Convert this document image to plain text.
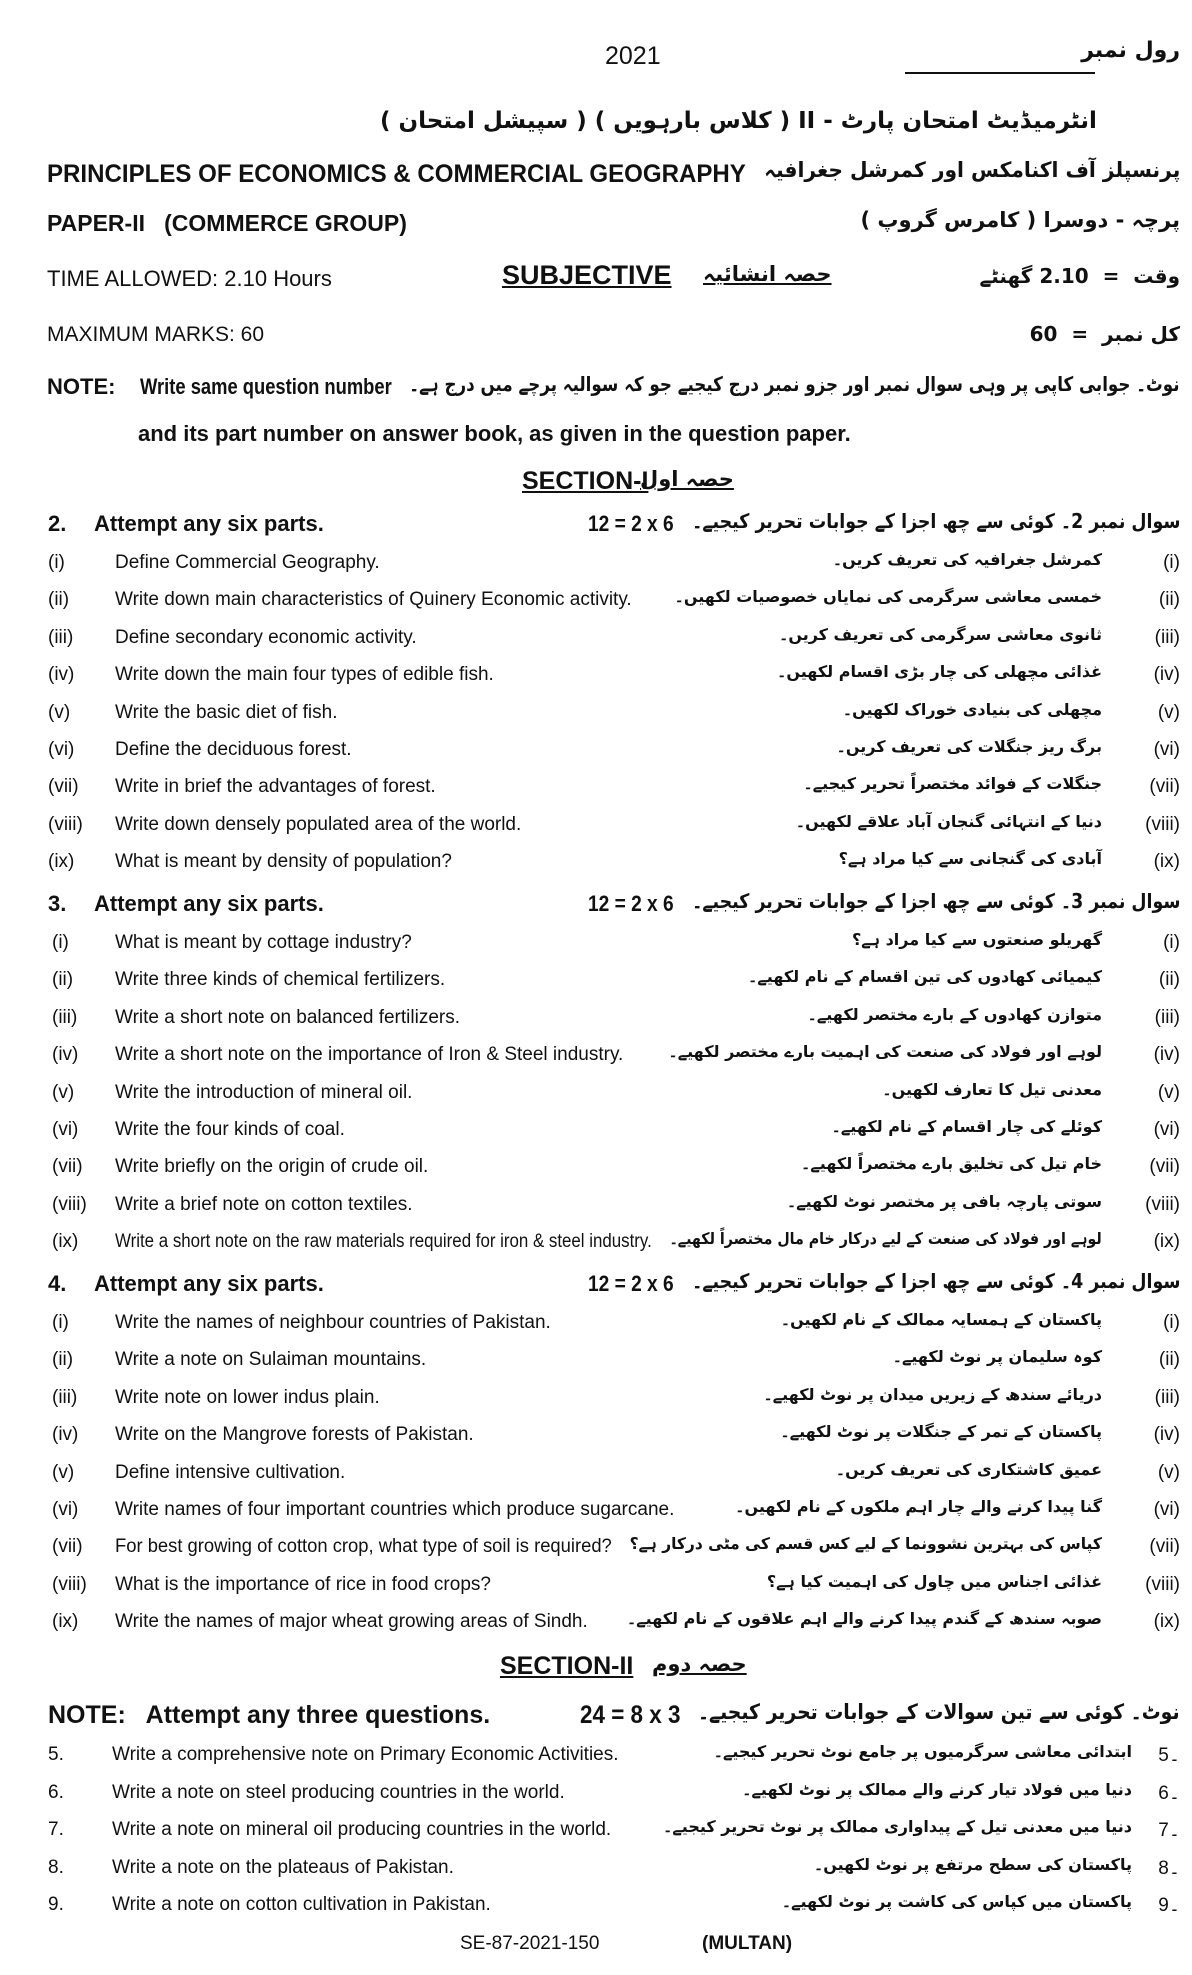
2021	رول نمبر
انٹرمیڈیٹ امتحان پارٹ - II ( کلاس بارہویں ) ( سپیشل امتحان )
PRINCIPLES OF ECONOMICS & COMMERCIAL GEOGRAPHY پرنسپلز آف اکنامکس اور کمرشل جغرافیہ
PAPER-II   (COMMERCE GROUP)	پرچہ - دوسرا ( کامرس گروپ )
TIME ALLOWED: 2.10 Hours	SUBJECTIVE حصہ انشائیہ	وقت  =  2.10 گھنٹے
MAXIMUM MARKS: 60	کل نمبر  =  60
NOTE: Write same question number نوٹ۔ جوابی کاپی پر وہی سوال نمبر اور جزو نمبر درج کیجیے جو کہ سوالیہ پرچے میں درج ہے۔
and its part number on answer book, as given in the question paper.
SECTION-I
حصہ اول
2. Attempt any six parts.	12 = 2 x 6 سوال نمبر 2۔ کوئی سے چھ اجزا کے جوابات تحریر کیجیے۔
(i)	Define Commercial Geography.	کمرشل جغرافیہ کی تعریف کریں۔	(i)
(ii) Write down main characteristics of Quinery Economic activity.	خمسی معاشی سرگرمی کی نمایاں خصوصیات لکھیں۔	(ii)
(iii) Define secondary economic activity.	ثانوی معاشی سرگرمی کی تعریف کریں۔	(iii)
(iv) Write down the main four types of edible fish.	غذائی مچھلی کی چار بڑی اقسام لکھیں۔	(iv)
(v) Write the basic diet of fish.	مچھلی کی بنیادی خوراک لکھیں۔	(v)
(vi) Define the deciduous forest.	برگ ریز جنگلات کی تعریف کریں۔	(vi)
(vii) Write in brief the advantages of forest.	جنگلات کے فوائد مختصراً تحریر کیجیے۔ (vii)
(viii) Write down densely populated area of the world.	دنیا کے انتہائی گنجان آباد علاقے لکھیں۔ (viii)
(ix) What is meant by density of population?	آبادی کی گنجانی سے کیا مراد ہے؟	(ix)
3. Attempt any six parts.	12 = 2 x 6 سوال نمبر 3۔ کوئی سے چھ اجزا کے جوابات تحریر کیجیے۔
(i) What is meant by cottage industry?	گھریلو صنعتوں سے کیا مراد ہے؟	(i)
(ii) Write three kinds of chemical fertilizers.	کیمیائی کھادوں کی تین اقسام کے نام لکھیے۔	(ii)
(iii) Write a short note on balanced fertilizers.	متوازن کھادوں کے بارے مختصر لکھیے۔	(iii)
(iv) Write a short note on the importance of Iron & Steel industry.	لوہے اور فولاد کی صنعت کی اہمیت بارے مختصر لکھیے۔	(iv)
(v) Write the introduction of mineral oil.	معدنی تیل کا تعارف لکھیں۔	(v)
(vi) Write the four kinds of coal.	کوئلے کی چار اقسام کے نام لکھیے۔	(vi)
(vii) Write briefly on the origin of crude oil.	خام تیل کی تخلیق بارے مختصراً لکھیے۔ (vii)
(viii) Write a brief note on cotton textiles.	سوتی پارچہ بافی پر مختصر نوٹ لکھیے۔ (viii)
(ix) Write a short note on the raw materials required for iron & steel industry. لوہے اور فولاد کی صنعت کے لیے درکار خام مال مختصراً لکھیے۔	(ix)
4. Attempt any six parts.	12 = 2 x 6 سوال نمبر 4۔ کوئی سے چھ اجزا کے جوابات تحریر کیجیے۔
(i) Write the names of neighbour countries of Pakistan.	پاکستان کے ہمسایہ ممالک کے نام لکھیں۔	(i)
(ii) Write a note on Sulaiman mountains.	کوہ سلیمان پر نوٹ لکھیے۔	(ii)
(iii) Write note on lower indus plain.	دریائے سندھ کے زیریں میدان پر نوٹ لکھیے۔	(iii)
(iv) Write on the Mangrove forests of Pakistan.	پاکستان کے تمر کے جنگلات پر نوٹ لکھیے۔	(iv)
(v) Define intensive cultivation.	عمیق کاشتکاری کی تعریف کریں۔	(v)
(vi) Write names of four important countries which produce sugarcane.	گنا پیدا کرنے والے چار اہم ملکوں کے نام لکھیں۔	(vi)
(vii) For best growing of cotton crop, what type of soil is required? کپاس کی بہترین نشوونما کے لیے کس قسم کی مٹی درکار ہے؟ (vii)
(viii) What is the importance of rice in food crops?	غذائی اجناس میں چاول کی اہمیت کیا ہے؟ (viii)
(ix) Write the names of major wheat growing areas of Sindh. صوبہ سندھ کے گندم پیدا کرنے والے اہم علاقوں کے نام لکھیے۔	(ix)
SECTION-II حصہ دوم
NOTE:   Attempt any three questions.	24 = 8 x 3 نوٹ۔ کوئی سے تین سوالات کے جوابات تحریر کیجیے۔
5.	Write a comprehensive note on Primary Economic Activities.	ابتدائی معاشی سرگرمیوں پر جامع نوٹ تحریر کیجیے۔ 5۔
6.	Write a note on steel producing countries in the world.	دنیا میں فولاد تیار کرنے والے ممالک پر نوٹ لکھیے۔ 6۔
7.	Write a note on mineral oil producing countries in the world.	دنیا میں معدنی تیل کے پیداواری ممالک پر نوٹ تحریر کیجیے۔ 7۔
8.	Write a note on the plateaus of Pakistan.	پاکستان کی سطح مرتفع پر نوٹ لکھیں۔ 8۔
9.	Write a note on cotton cultivation in Pakistan.	پاکستان میں کپاس کی کاشت پر نوٹ لکھیے۔ 9۔
SE-87-2021-150	(MULTAN)
